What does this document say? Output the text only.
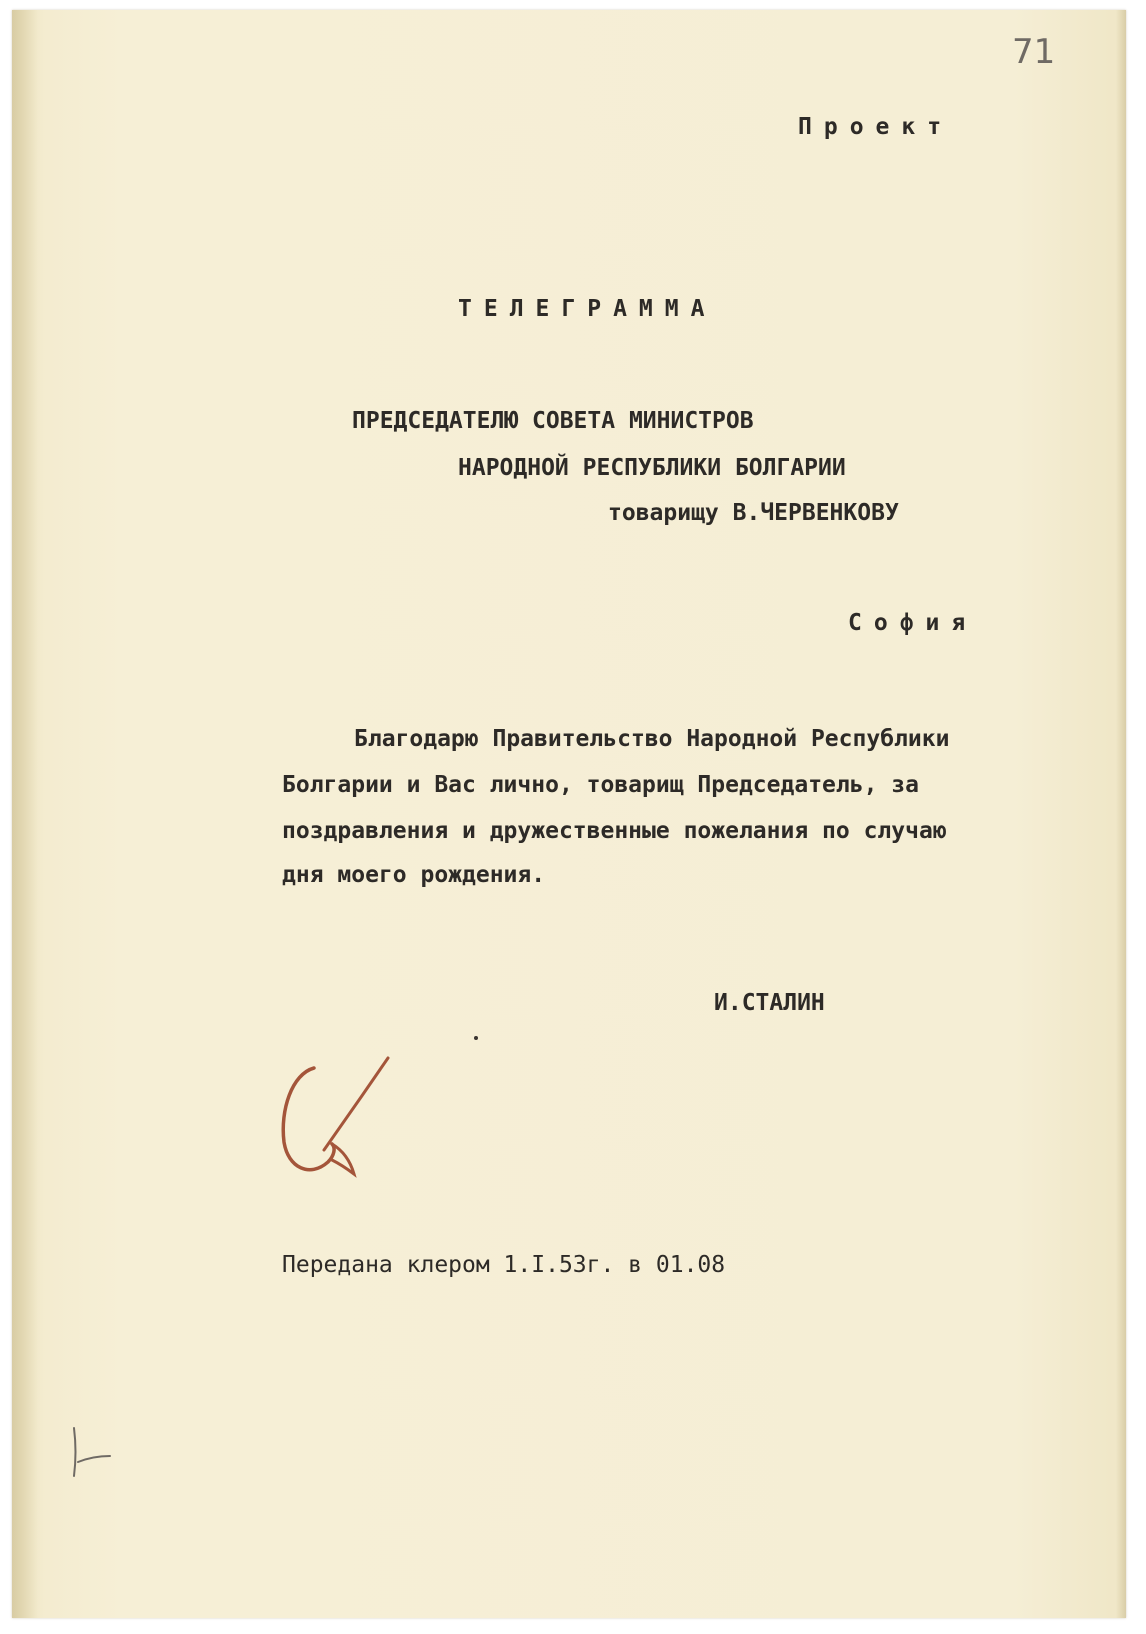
71
Проект
ТЕЛЕГРАММА
ПРЕДСЕДАТЕЛЮ СОВЕТА МИНИСТРОВ
НАРОДНОЙ РЕСПУБЛИКИ БОЛГАРИИ
товарищу В.ЧЕРВЕНКОВУ
София
Благодарю Правительство Народной Республики
Болгарии и Вас лично, товарищ Председатель, за
поздравления и дружественные пожелания по случаю
дня моего рождения.
И.СТАЛИН
Передана клером 1.I.53г. в 01.08
